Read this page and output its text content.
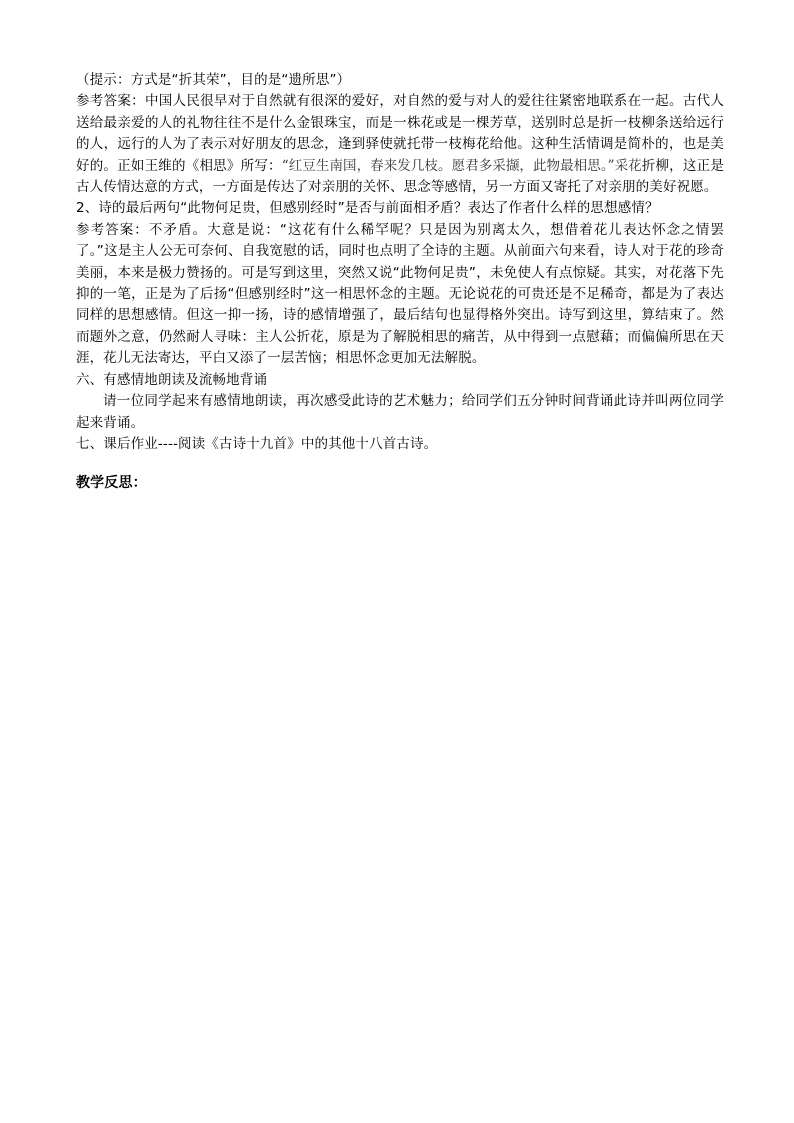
（提示：方式是“折其荣”，目的是“遗所思”）

参考答案：中国人民很早对于自然就有很深的爱好，对自然的爱与对人的爱往往紧密地联系在一起。古代人送给最亲爱的人的礼物往往不是什么金银珠宝，而是一株花或是一棵芳草，送别时总是折一枝柳条送给远行的人，远行的人为了表示对好朋友的思念，逢到驿使就托带一枝梅花给他。这种生活情调是简朴的，也是美好的。正如王维的《相思》所写：“红豆生南国，春来发几枝。愿君多采撷，此物最相思。”采花折柳，这正是古人传情达意的方式，一方面是传达了对亲朋的关怀、思念等感情，另一方面又寄托了对亲朋的美好祝愿。

2、诗的最后两句“此物何足贵，但感别经时”是否与前面相矛盾？表达了作者什么样的思想感情？

参考答案：不矛盾。大意是说：“这花有什么稀罕呢？只是因为别离太久，想借着花儿表达怀念之情罢了。”这是主人公无可奈何、自我宽慰的话，同时也点明了全诗的主题。从前面六句来看，诗人对于花的珍奇美丽，本来是极力赞扬的。可是写到这里，突然又说“此物何足贵”，未免使人有点惊疑。其实，对花落下先抑的一笔，正是为了后扬“但感别经时”这一相思怀念的主题。无论说花的可贵还是不足稀奇，都是为了表达同样的思想感情。但这一抑一扬，诗的感情增强了，最后结句也显得格外突出。诗写到这里，算结束了。然而题外之意，仍然耐人寻味：主人公折花，原是为了解脱相思的痛苦，从中得到一点慰藉；而偏偏所思在天涯，花儿无法寄达，平白又添了一层苦恼；相思怀念更加无法解脱。

六、有感情地朗读及流畅地背诵

请一位同学起来有感情地朗读，再次感受此诗的艺术魅力；给同学们五分钟时间背诵此诗并叫两位同学起来背诵。

七、课后作业----阅读《古诗十九首》中的其他十八首古诗。

教学反思：
